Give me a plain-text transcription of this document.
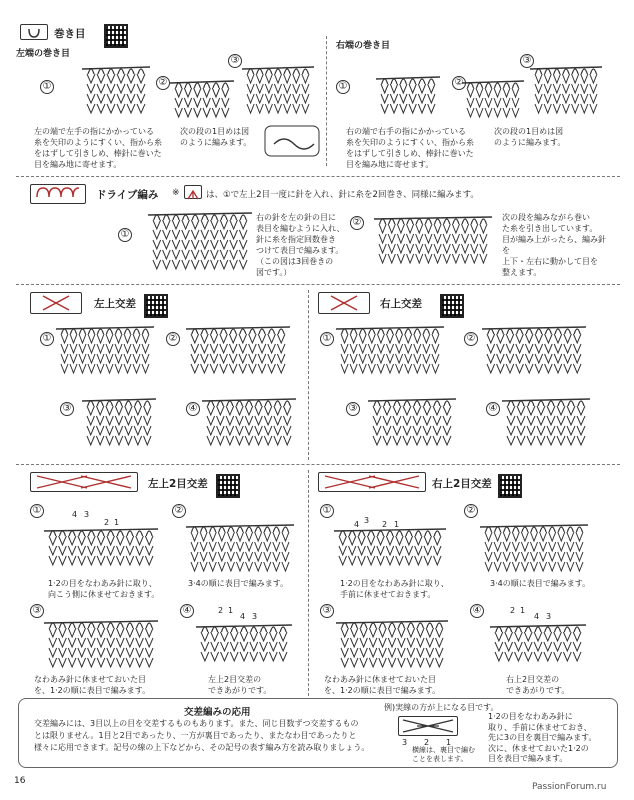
巻き目
左端の巻き目
右端の巻き目
①	②
③
①	②
③
左の端で左手の指にかかっている
糸を矢印のようにすくい、指から糸
をはずして引きしめ、棒針に巻いた
目を編み地に寄せます。
次の段の1目めは図
のように編みます。
右の端で右手の指にかかっている
糸を矢印のようにすくい、指から糸
をはずして引きしめ、棒針に巻いた
目を編み地に寄せます。
次の段の1目めは図
のように編みます。
ドライブ編み ※	は、①で左上2目一度に針を入れ、針に糸を2回巻き、同様に編みます。
①
②
右の針を左の針の目に
表目を編むように入れ、
針に糸を指定回数巻き
つけて表目で編みます。
（この図は3回巻きの
図です。）
次の段を編みながら巻い
た糸を引き出しています。
目が編み上がったら、編み針を
上下・左右に動かして目を
整えます。
左上交差	右上交差
①	②
③	④
①	②
③	④
左上2目交差	右上2目交差
①	②
③	④
①	②
③	④
4 3
2 1
2 1
4 3
4 3 2 1
2 1
4 3
1·2の目をなわあみ針に取り、
向こう側に休ませておきます。
3·4の順に表目で編みます。
なわあみ針に休ませておいた目
を、1·2の順に表目で編みます。
左上2目交差の
できあがりです。
1·2の目をなわあみ針に取り、
手前に休ませておきます。
3·4の順に表目で編みます。
なわあみ針に休ませておいた目
を、1·2の順に表目で編みます。
右上2目交差の
できあがりです。
交差編みの応用
交差編みには、3目以上の目を交差するものもあります。また、同じ目数ずつ交差するもの
とは限りません。1目と2目であったり、一方が裏目であったり、またなわ目であったりと
様々に応用できます。記号の線の上下などから、その記号の表す編み方を読み取りましょう。
例)実線の方が上になる目です。
3 2 1
横線は、裏目で編む
ことを表します。
1·2の目をなわあみ針に
取り、手前に休ませておき、
先に3の目を裏目で編みます。
次に、休ませておいた1·2の
目を表目で編みます。
16
PassionForum.ru
